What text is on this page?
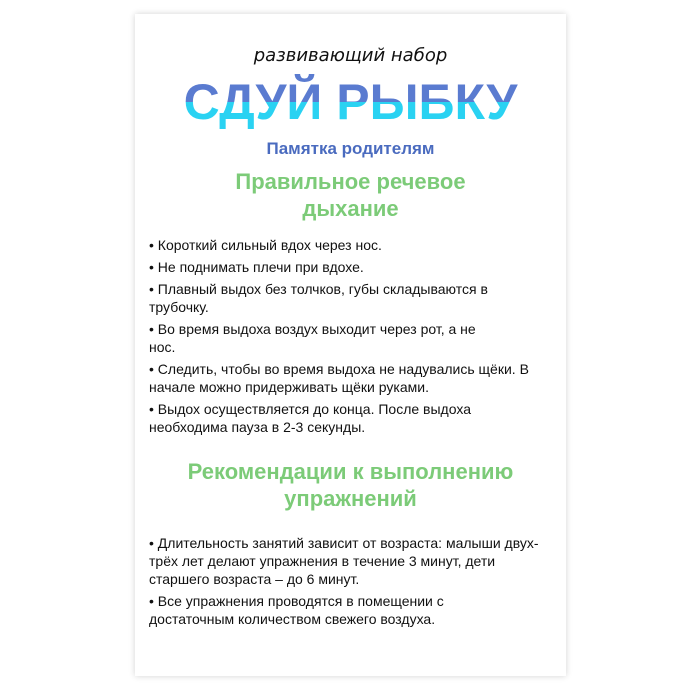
развивающий набор
СДУЙ РЫБКУ
Памятка родителям
Правильное речевое дыхание

• Короткий сильный вдох через нос.

• Не поднимать плечи при вдохе.

• Плавный выдох без толчков, губы складываются в трубочку.

• Во время выдоха воздух выходит через рот, а не нос.

• Следить, чтобы во время выдоха не надувались щёки. В начале можно придерживать щёки руками.

• Выдох осуществляется до конца. После выдоха необходима пауза в 2-3 секунды.

Рекомендации к выполнению упражнений

• Длительность занятий зависит от возраста: малыши двух-трёх лет делают упражнения в течение 3 минут, дети старшего возраста – до 6 минут.

• Все упражнения проводятся в помещении с достаточным количеством свежего воздуха.
